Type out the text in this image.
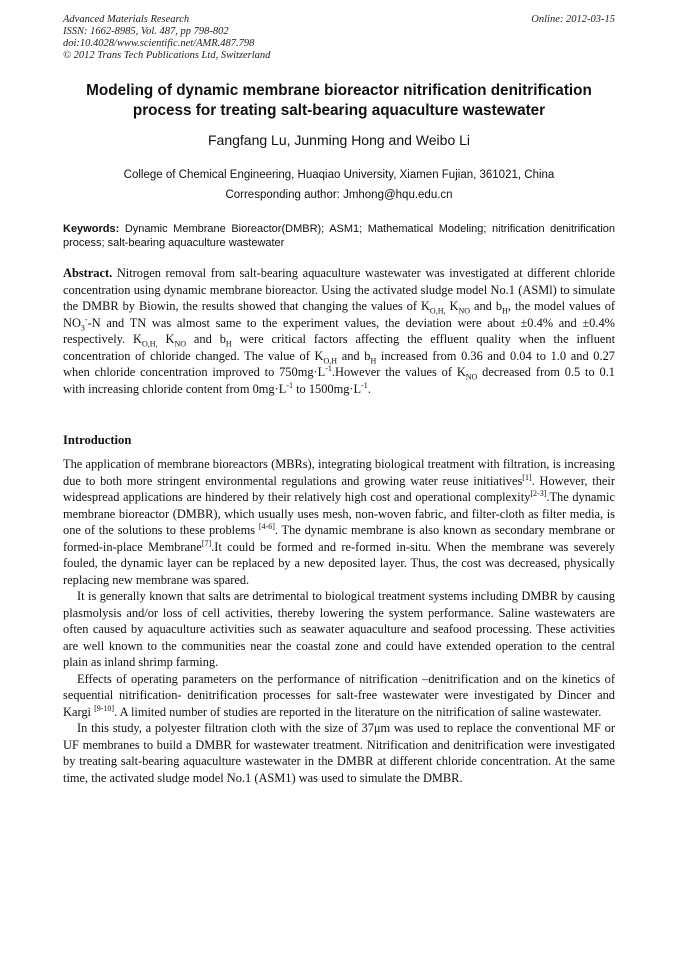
Advanced Materials Research
ISSN: 1662-8985, Vol. 487, pp 798-802
doi:10.4028/www.scientific.net/AMR.487.798
© 2012 Trans Tech Publications Ltd, Switzerland
Online: 2012-03-15
Modeling of dynamic membrane bioreactor nitrification denitrification process for treating salt-bearing aquaculture wastewater
Fangfang Lu, Junming Hong and Weibo Li
College of Chemical Engineering, Huaqiao University, Xiamen Fujian, 361021, China
Corresponding author: Jmhong@hqu.edu.cn
Keywords: Dynamic Membrane Bioreactor(DMBR); ASM1; Mathematical Modeling; nitrification denitrification process; salt-bearing aquaculture wastewater
Abstract. Nitrogen removal from salt-bearing aquaculture wastewater was investigated at different chloride concentration using dynamic membrane bioreactor. Using the activated sludge model No.1 (ASMl) to simulate the DMBR by Biowin, the results showed that changing the values of $K_{O,H,}$ $K_{NO}$ and $b_H$, the model values of $NO_3^--N$ and TN was almost same to the experiment values, the deviation were about ±0.4% and ±0.4% respectively. $K_{O,H,}$ $K_{NO}$ and $b_H$ were critical factors affecting the effluent quality when the influent concentration of chloride changed. The value of $K_{O,H}$ and $b_H$ increased from 0.36 and 0.04 to 1.0 and 0.27 when chloride concentration improved to $750mg\cdot L^{-1}.However$ the values of $K_{NO}$ decreased from 0.5 to 0.1 with increasing chloride content from $0mg\cdot L^{-1}$ to $1500mg\cdot L^{-1}$.
Introduction

The application of membrane bioreactors (MBRs), integrating biological treatment with filtration, is increasing due to both more stringent environmental regulations and growing water reuse initiatives[1]. However, their widespread applications are hindered by their relatively high cost and operational complexity[2-3].The dynamic membrane bioreactor (DMBR), which usually uses mesh, non-woven fabric, and filter-cloth as filter media, is one of the solutions to these problems [4-6]. The dynamic membrane is also known as secondary membrane or formed-in-place Membrane[7].It could be formed and re-formed in-situ. When the membrane was severely fouled, the dynamic layer can be replaced by a new deposited layer. Thus, the cost was decreased, physically replacing new membrane was spared.

It is generally known that salts are detrimental to biological treatment systems including DMBR by causing plasmolysis and/or loss of cell activities, thereby lowering the system performance. Saline wastewaters are often caused by aquaculture activities such as seawater aquaculture and seafood processing. These activities are well known to the communities near the coastal zone and could have extended operation to the central plain as inland shrimp farming.

Effects of operating parameters on the performance of nitrification –denitrification and on the kinetics of sequential nitrification- denitrification processes for salt-free wastewater were investigated by Dincer and Kargi [9-10]. A limited number of studies are reported in the literature on the nitrification of saline wastewater.

In this study, a polyester filtration cloth with the size of 37μm was used to replace the conventional MF or UF membranes to build a DMBR for wastewater treatment. Nitrification and denitrification were investigated by treating salt-bearing aquaculture wastewater in the DMBR at different chloride concentration. At the same time, the activated sludge model No.1 (ASM1) was used to simulate the DMBR.
